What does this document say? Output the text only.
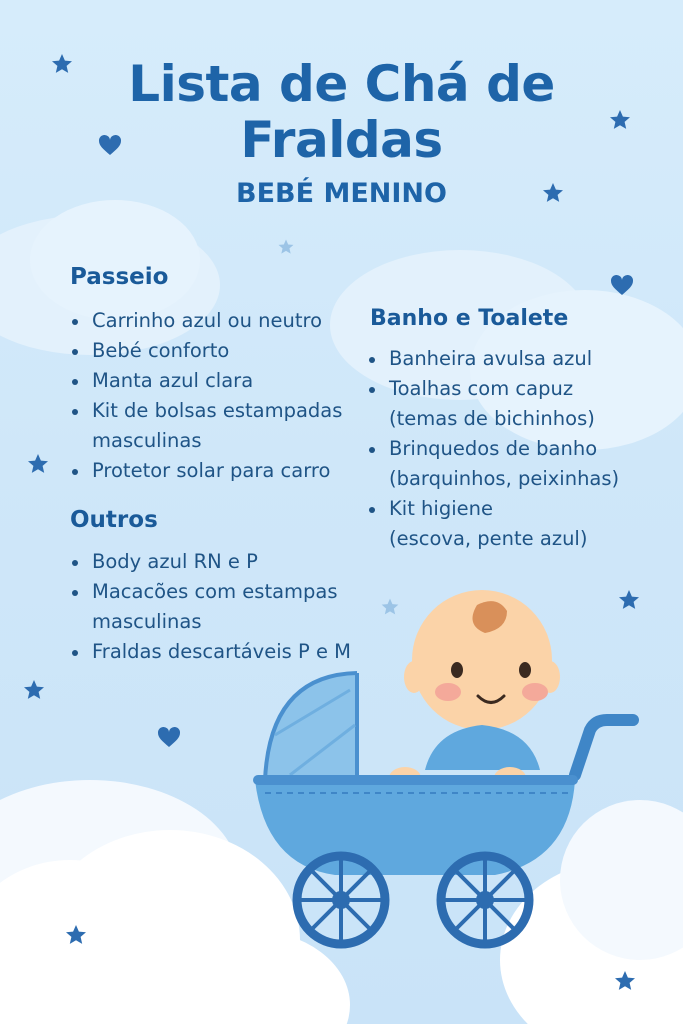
Lista de Chá de
Fraldas
BEBÉ MENINO
Passeio
Carrinho azul ou neutro
Bebé conforto
Manta azul clara
Kit de bolsas estampadas
masculinas
Protetor solar para carro
Outros
Body azul RN e P
Macacões com estampas
masculinas
Fraldas descartáveis P e M
Banho e Toalete
Banheira avulsa azul
Toalhas com capuz
(temas de bichinhos)
Brinquedos de banho
(barquinhos, peixinhas)
Kit higiene
(escova, pente azul)
